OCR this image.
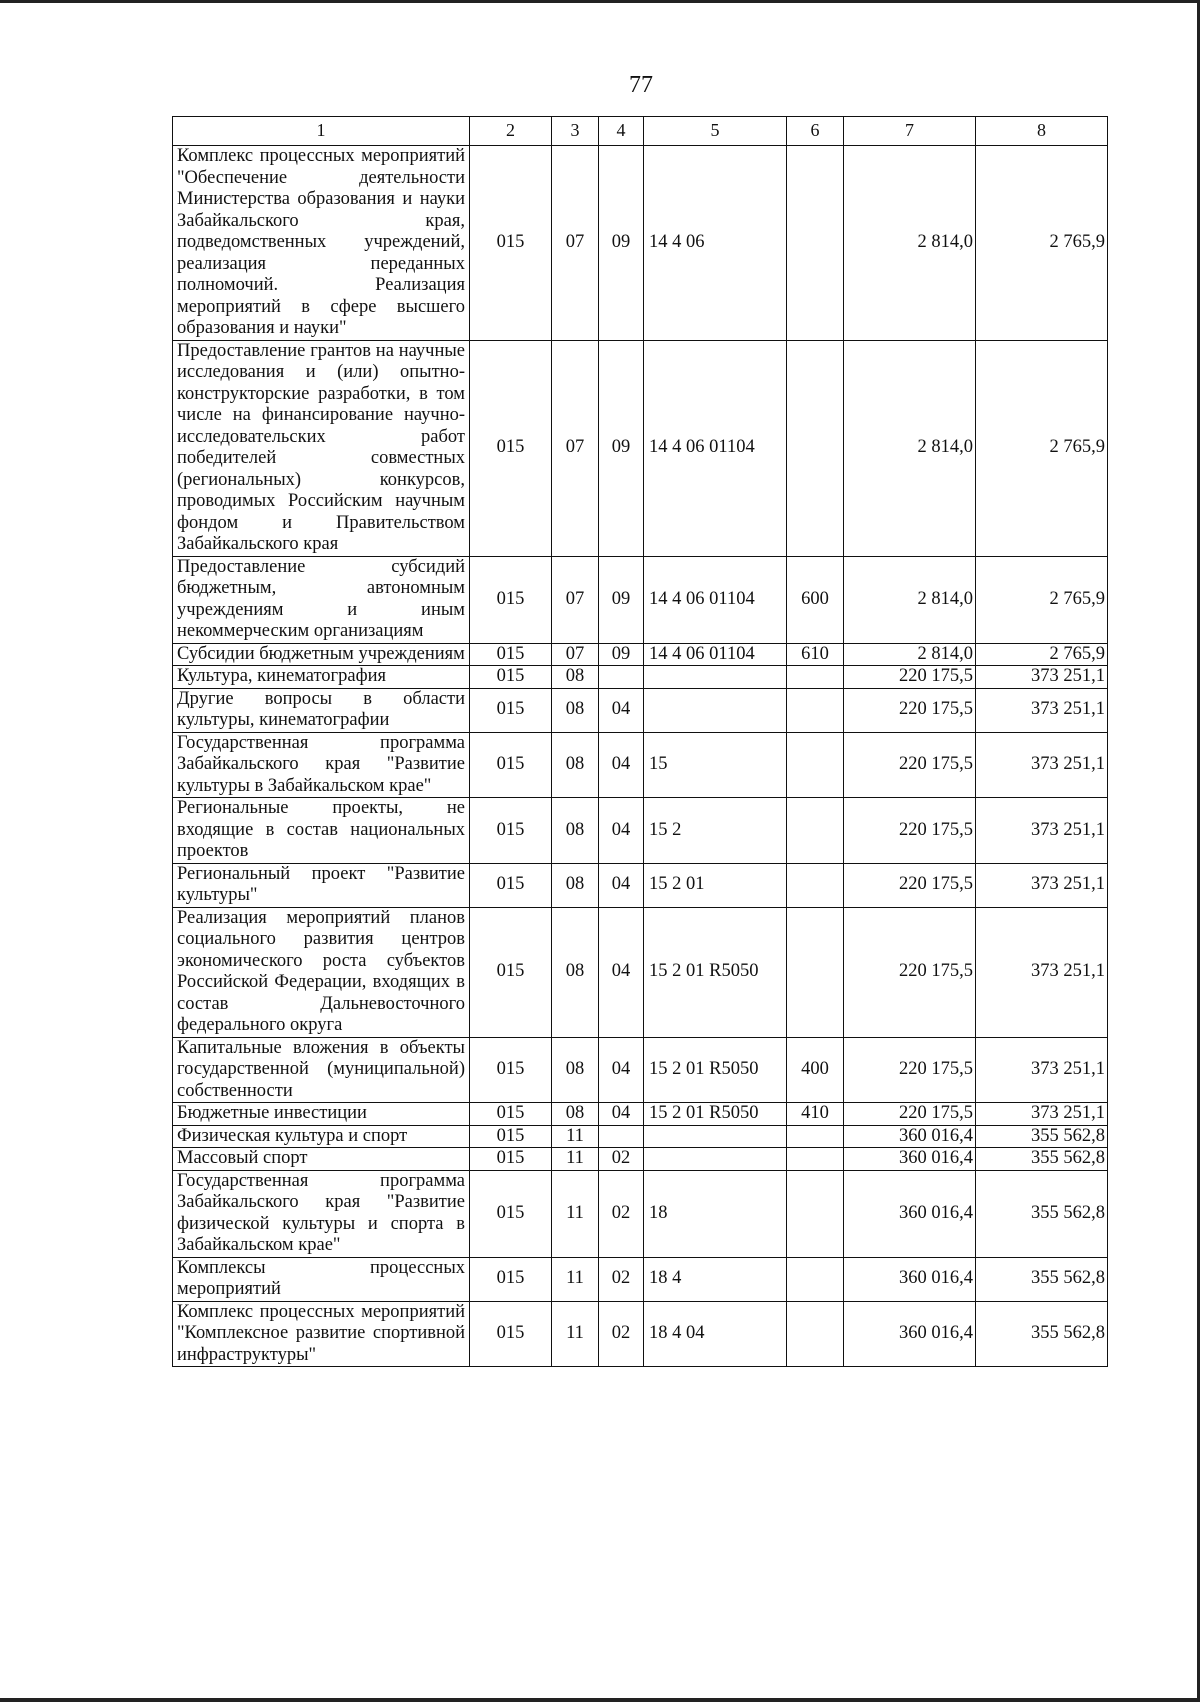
77
1	2	3	4	5	6	7	8
Комплекс процессных мероприятий "Обеспечение деятельности Министерства образования и науки Забайкальского края, подведомственных учреждений, реализация переданных полномочий. Реализация мероприятий в сфере высшего образования и науки"	015	07	09	14 4 06		2 814,0	2 765,9
Предоставление грантов на научные исследования и (или) опытно-конструкторские разработки, в том числе на финансирование научно-исследовательских работ победителей совместных (региональных) конкурсов, проводимых Российским научным фондом и Правительством Забайкальского края	015	07	09	14 4 06 01104		2 814,0	2 765,9
Предоставление субсидий бюджетным, автономным учреждениям и иным некоммерческим организациям	015	07	09	14 4 06 01104	600	2 814,0	2 765,9
Субсидии бюджетным учреждениям	015	07	09	14 4 06 01104	610	2 814,0	2 765,9
Культура, кинематография	015	08				220 175,5	373 251,1
Другие вопросы в области культуры, кинематографии	015	08	04			220 175,5	373 251,1
Государственная программа Забайкальского края "Развитие культуры в Забайкальском крае"	015	08	04	15		220 175,5	373 251,1
Региональные проекты, не входящие в состав национальных проектов	015	08	04	15 2		220 175,5	373 251,1
Региональный проект "Развитие культуры"	015	08	04	15 2 01		220 175,5	373 251,1
Реализация мероприятий планов социального развития центров экономического роста субъектов Российской Федерации, входящих в состав Дальневосточного федерального округа	015	08	04	15 2 01 R5050		220 175,5	373 251,1
Капитальные вложения в объекты государственной (муниципальной) собственности	015	08	04	15 2 01 R5050	400	220 175,5	373 251,1
Бюджетные инвестиции	015	08	04	15 2 01 R5050	410	220 175,5	373 251,1
Физическая культура и спорт	015	11				360 016,4	355 562,8
Массовый спорт	015	11	02			360 016,4	355 562,8
Государственная программа Забайкальского края "Развитие физической культуры и спорта в Забайкальском крае"	015	11	02	18		360 016,4	355 562,8
Комплексы процессных мероприятий	015	11	02	18 4		360 016,4	355 562,8
Комплекс процессных мероприятий "Комплексное развитие спортивной инфраструктуры"	015	11	02	18 4 04		360 016,4	355 562,8
